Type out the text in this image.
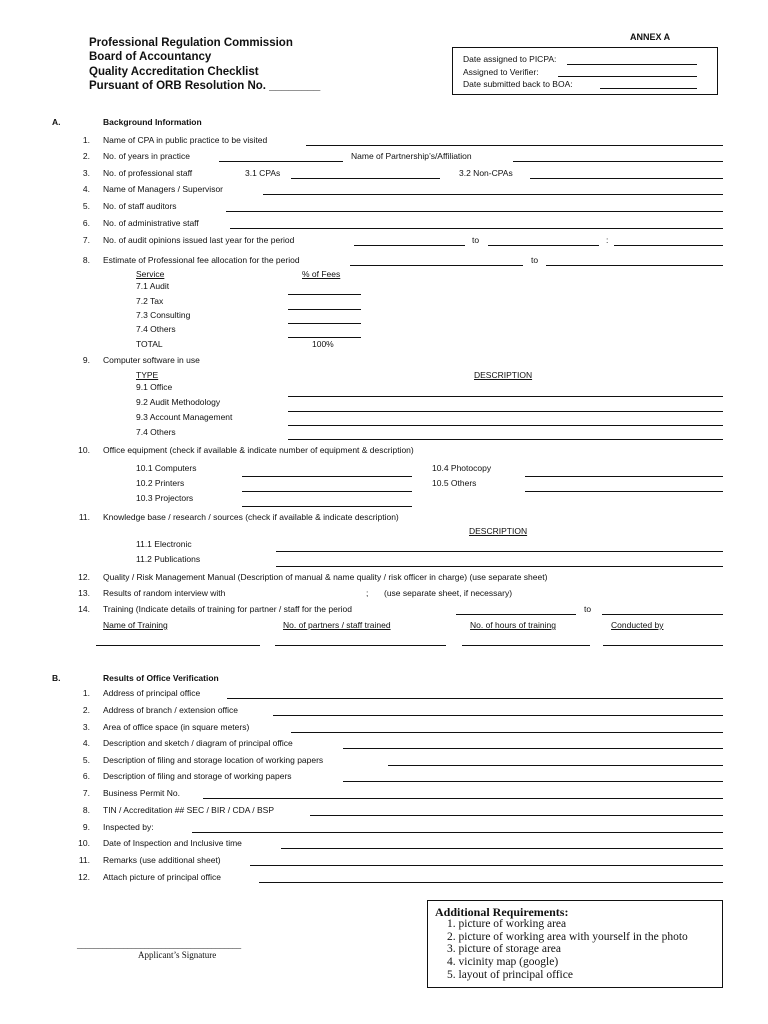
Professional Regulation Commission
Board of Accountancy
Quality Accreditation Checklist
Pursuant of ORB Resolution No. ________
ANNEX A
Date assigned to PICPA:
Assigned to Verifier:
Date submitted back to BOA:
A.	Background Information
1. Name of CPA in public practice to be visited
2. No. of years in practice	Name of Partnership’s/Affiliation
3. No. of professional staff	3.1 CPAs	3.2 Non-CPAs
4. Name of Managers / Supervisor
5. No. of staff auditors
6. No. of administrative staff
7. No. of audit opinions issued last year for the period	to	:
8. Estimate of Professional fee allocation for the period	to
Service	% of Fees
7.1 Audit
7.2 Tax
7.3 Consulting
7.4 Others
TOTAL	100%
9. Computer software in use
TYPE	DESCRIPTION
9.1 Office
9.2 Audit Methodology
9.3 Account Management
7.4 Others
10. Office equipment (check if available & indicate number of equipment & description)
10.1 Computers
10.2 Printers
10.3 Projectors
10.4 Photocopy
10.5 Others
11. Knowledge base / research / sources (check if available & indicate description)
DESCRIPTION
11.1 Electronic
11.2 Publications
12. Quality / Risk Management Manual (Description of manual & name quality / risk officer in charge) (use separate sheet)
13. Results of random interview with	; (use separate sheet, if necessary)
14. Training (Indicate details of training for partner / staff for the period	to
Name of Training	No. of partners / staff trained	No. of hours of training	Conducted by
B.	Results of Office Verification
1. Address of principal office
2. Address of branch / extension office
3. Area of office space (in square meters)
4. Description and sketch / diagram of principal office
5. Description of filing and storage location of working papers
6. Description of filing and storage of working papers
7. Business Permit No.
8. TIN / Accreditation ## SEC / BIR / CDA / BSP
9. Inspected by:
10. Date of Inspection and Inclusive time
11. Remarks (use additional sheet)
12. Attach picture of principal office
_______________________________________
Applicant’s Signature
Additional Requirements:
1. picture of working area
2. picture of working area with yourself in the photo
3. picture of storage area
4. vicinity map (google)
5. layout of principal office
